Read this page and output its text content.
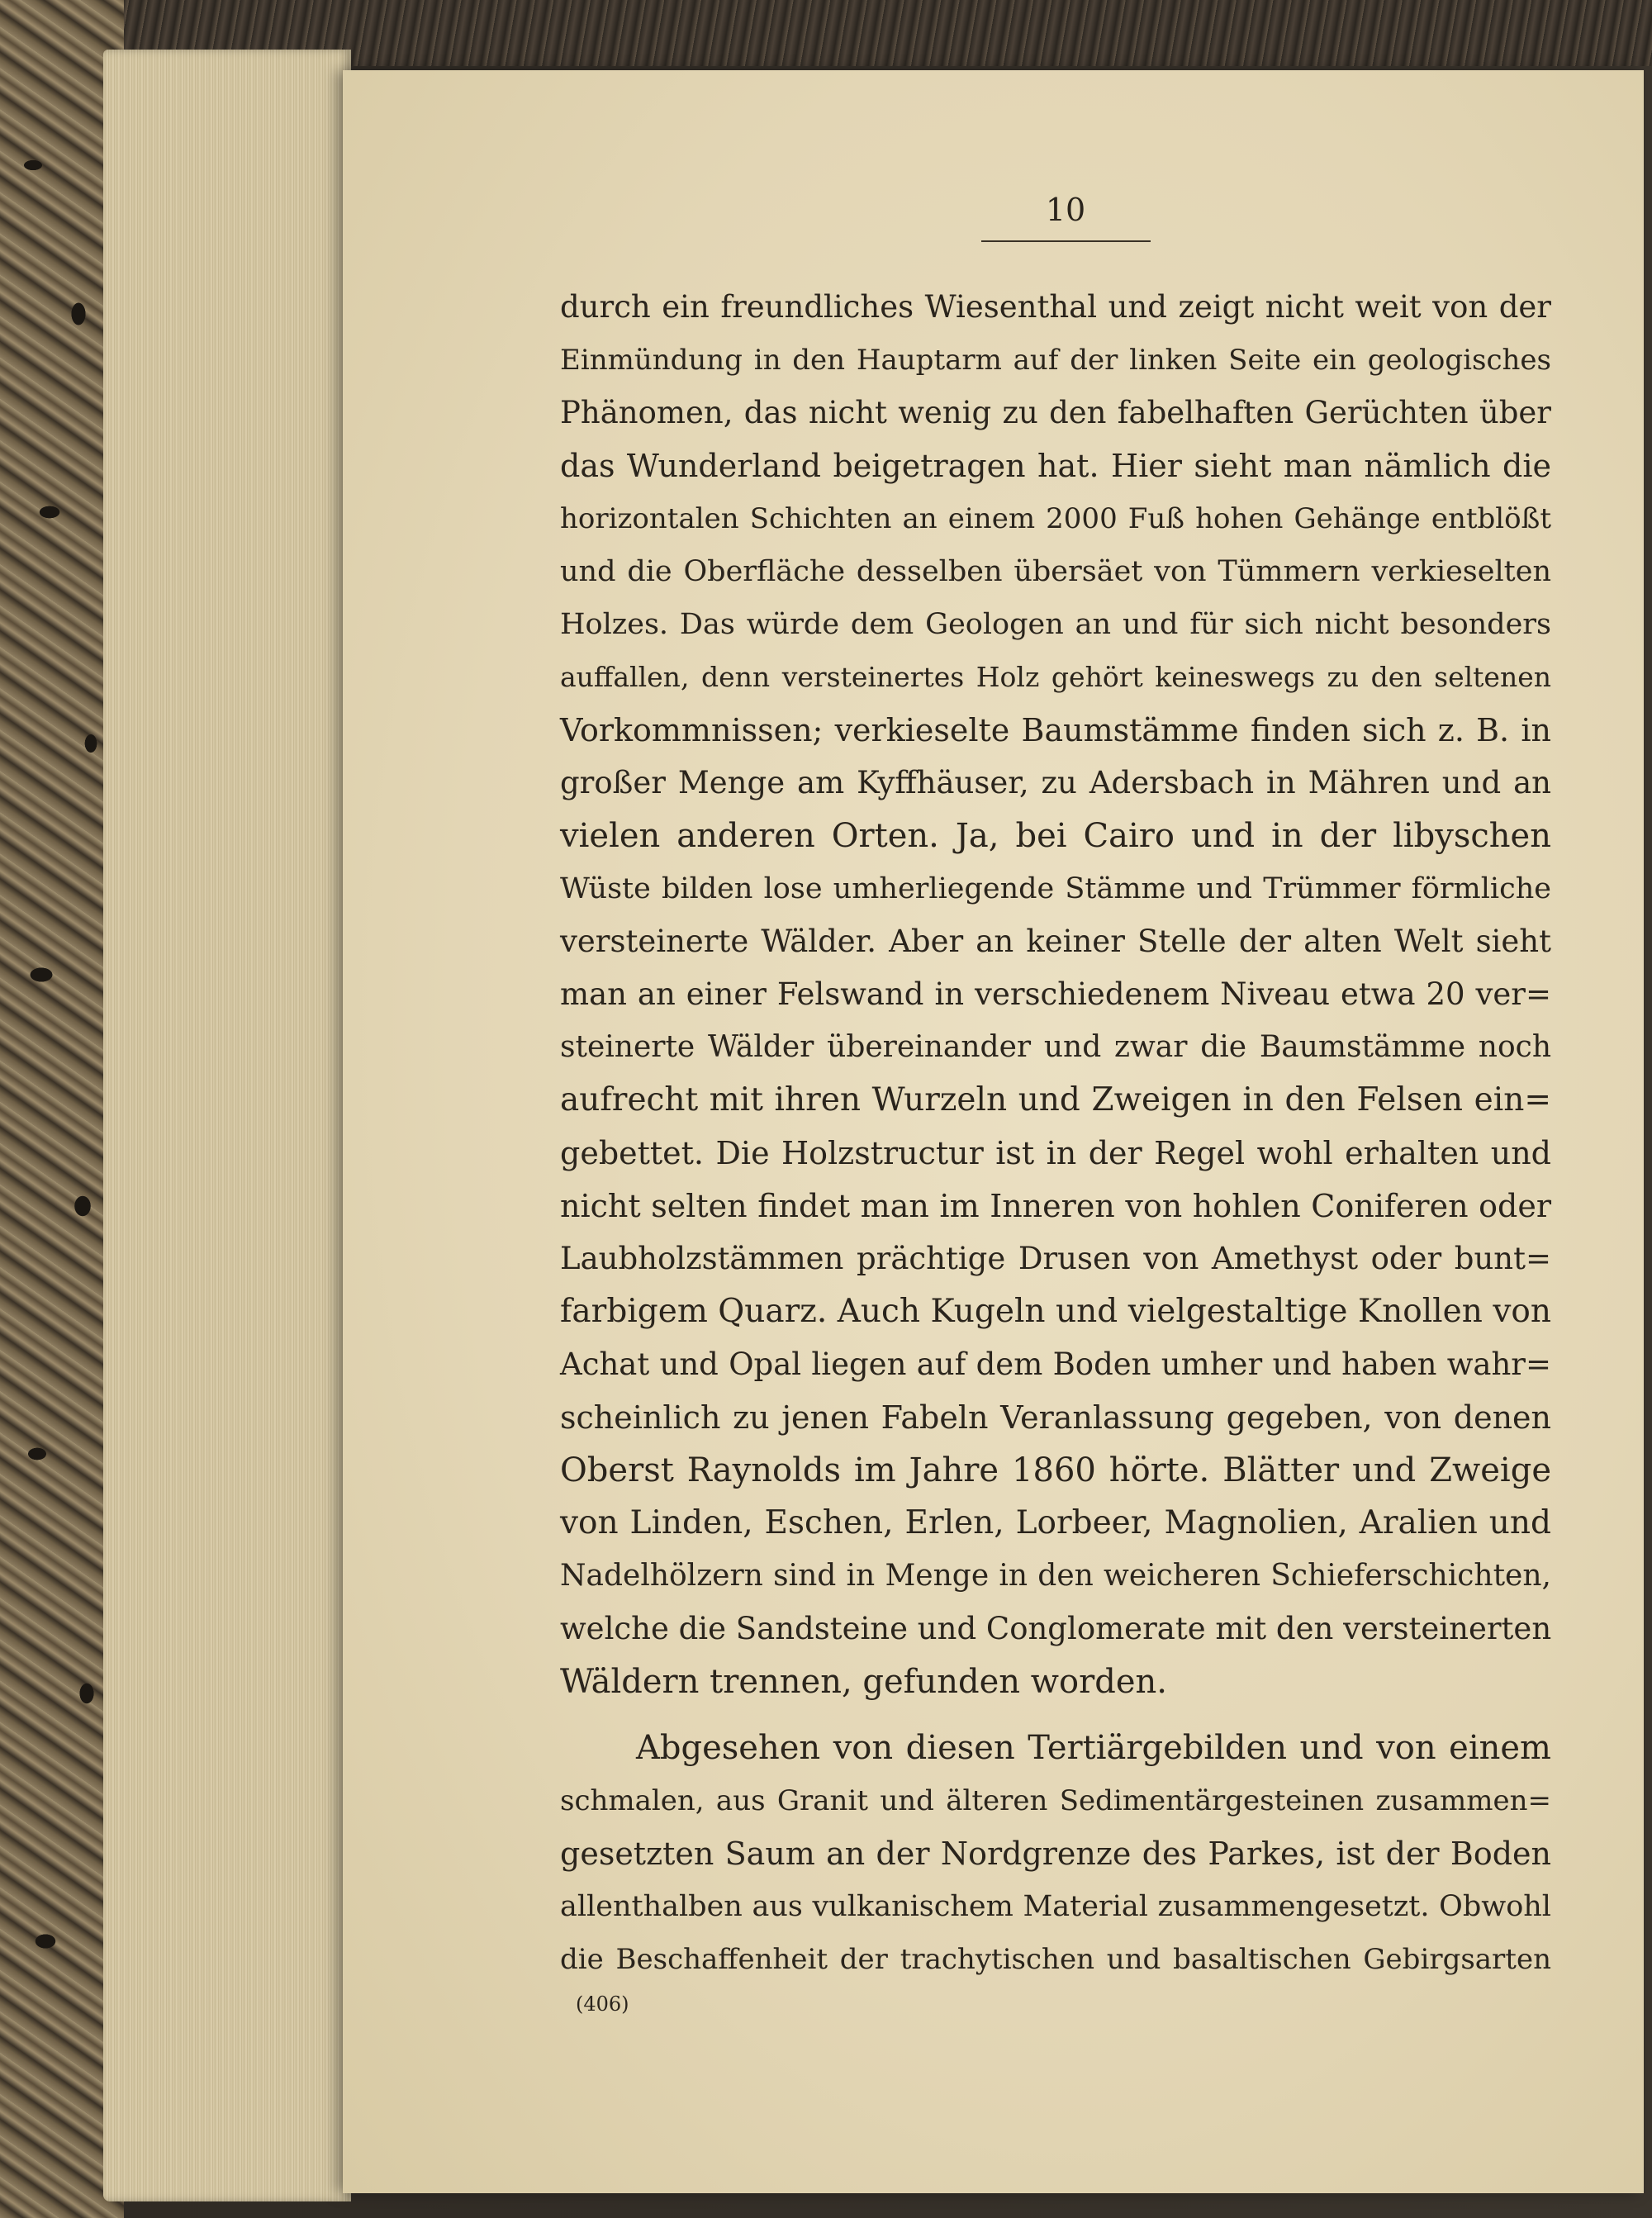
10
durch ein freundliches Wiesenthal und zeigt nicht weit von der
Einmündung in den Hauptarm auf der linken Seite ein geologisches
Phänomen, das nicht wenig zu den fabelhaften Gerüchten über
das Wunderland beigetragen hat. Hier sieht man nämlich die
horizontalen Schichten an einem 2000 Fuß hohen Gehänge entblößt
und die Oberfläche desselben übersäet von Tümmern verkieselten
Holzes. Das würde dem Geologen an und für sich nicht besonders
auffallen, denn versteinertes Holz gehört keineswegs zu den seltenen
Vorkommnissen; verkieselte Baumstämme finden sich z. B. in
großer Menge am Kyffhäuser, zu Adersbach in Mähren und an
vielen anderen Orten. Ja, bei Cairo und in der libyschen
Wüste bilden lose umherliegende Stämme und Trümmer förmliche
versteinerte Wälder. Aber an keiner Stelle der alten Welt sieht
man an einer Felswand in verschiedenem Niveau etwa 20 ver=
steinerte Wälder übereinander und zwar die Baumstämme noch
aufrecht mit ihren Wurzeln und Zweigen in den Felsen ein=
gebettet. Die Holzstructur ist in der Regel wohl erhalten und
nicht selten findet man im Inneren von hohlen Coniferen oder
Laubholzstämmen prächtige Drusen von Amethyst oder bunt=
farbigem Quarz. Auch Kugeln und vielgestaltige Knollen von
Achat und Opal liegen auf dem Boden umher und haben wahr=
scheinlich zu jenen Fabeln Veranlassung gegeben, von denen
Oberst Raynolds im Jahre 1860 hörte. Blätter und Zweige
von Linden, Eschen, Erlen, Lorbeer, Magnolien, Aralien und
Nadelhölzern sind in Menge in den weicheren Schieferschichten,
welche die Sandsteine und Conglomerate mit den versteinerten
Wäldern trennen, gefunden worden.
Abgesehen von diesen Tertiärgebilden und von einem
schmalen, aus Granit und älteren Sedimentärgesteinen zusammen=
gesetzten Saum an der Nordgrenze des Parkes, ist der Boden
allenthalben aus vulkanischem Material zusammengesetzt. Obwohl
die Beschaffenheit der trachytischen und basaltischen Gebirgsarten
(406)
